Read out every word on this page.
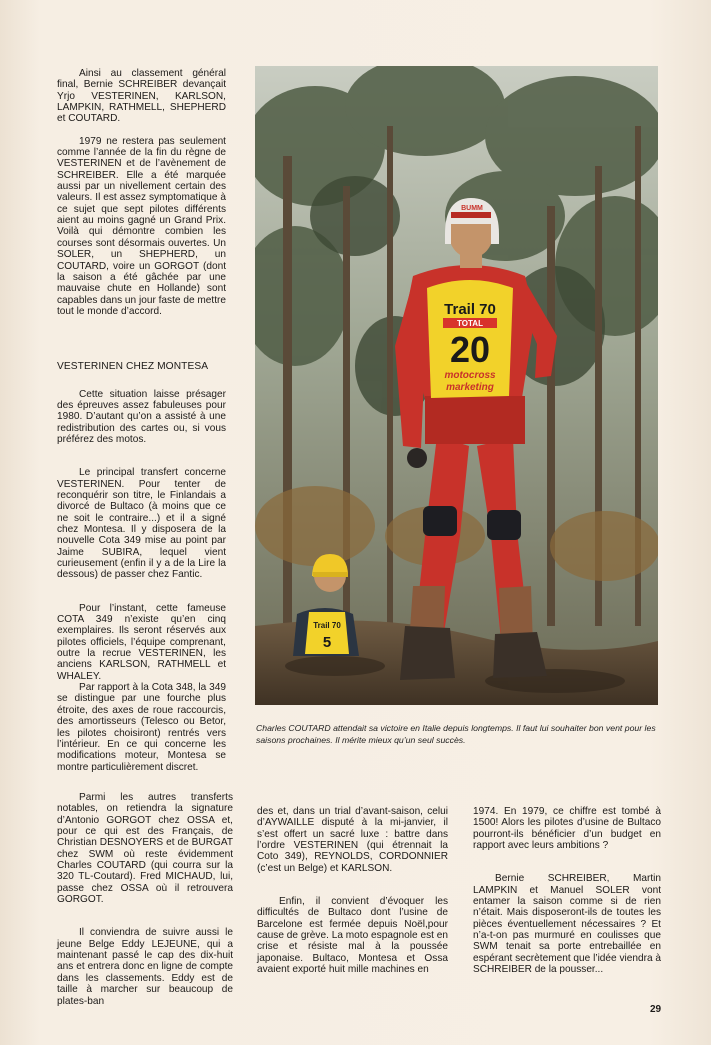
Ainsi au classement général final, Bernie SCHREIBER devançait Yrjo VESTERINEN, KARLSON, LAMPKIN, RATHMELL, SHEPHERD et COUTARD.

1979 ne restera pas seulement comme l’année de la fin du règne de VESTERINEN et de l’avènement de SCHREIBER. Elle a été marquée aussi par un nivellement certain des valeurs. Il est assez symptomatique à ce sujet que sept pilotes différents aient au moins gagné un Grand Prix. Voilà qui démontre combien les courses sont désormais ouvertes. Un SOLER, un SHEPHERD, un COUTARD, voire un GORGOT (dont la saison a été gâchée par une mauvaise chute en Hollande) sont capables dans un jour faste de mettre tout le monde d’accord.

VESTERINEN CHEZ MONTESA

Cette situation laisse présager des épreuves assez fabuleuses pour 1980. D’autant qu’on a assisté à une redistribution des cartes ou, si vous préférez des motos.

Le principal transfert concerne VESTERINEN. Pour tenter de reconquérir son titre, le Finlandais a divorcé de Bultaco (à moins que ce ne soit le contraire...) et il a signé chez Montesa. Il y disposera de la nouvelle Cota 349 mise au point par Jaime SUBIRA, lequel vient curieusement (enfin il y a de la Lire la dessous) de passer chez Fantic.

Pour l’instant, cette fameuse COTA 349 n’existe qu’en cinq exemplaires. Ils seront réservés aux pilotes officiels, l’équipe comprenant, outre la recrue VESTERINEN, les anciens KARLSON, RATHMELL et WHALEY.

Par rapport à la Cota 348, la 349 se distingue par une fourche plus étroite, des axes de roue raccourcis, des amortisseurs (Telesco ou Betor, les pilotes choisiront) rentrés vers l’intérieur. En ce qui concerne les modifications moteur, Montesa se montre particulièrement discret.

Trail 70
5
Trail 70
TOTAL
20
motocross
marketing
BUMM
Charles COUTARD attendait sa victoire en Italie depuis longtemps. Il faut lui souhaiter bon vent pour les saisons prochaines. Il mérite mieux qu’un seul succès.

Parmi les autres transferts notables, on retiendra la signature d’Antonio GORGOT chez OSSA et, pour ce qui est des Français, de Christian DESNOYERS et de BURGAT chez SWM où reste évidemment Charles COUTARD (qui courra sur la 320 TL-Coutard). Fred MICHAUD, lui, passe chez OSSA où il retrouvera GORGOT.

Il conviendra de suivre aussi le jeune Belge Eddy LEJEUNE, qui a maintenant passé le cap des dix-huit ans et entrera donc en ligne de compte dans les classements. Eddy est de taille à marcher sur beaucoup de plates-ban

des et, dans un trial d’avant-saison, celui d’AYWAILLE disputé à la mi-janvier, il s’est offert un sacré luxe : battre dans l’ordre VESTERINEN (qui étrennait la Coto 349), REYNOLDS, CORDONNIER (c’est un Belge) et KARLSON.

Enfin, il convient d’évoquer les difficultés de Bultaco dont l’usine de Barcelone est fermée depuis Noël,pour cause de grève. La moto espagnole est en crise et résiste mal à la poussée japonaise. Bultaco, Montesa et Ossa avaient exporté huit mille machines en

1974. En 1979, ce chiffre est tombé à 1500! Alors les pilotes d’usine de Bultaco pourront-ils bénéficier d’un budget en rapport avec leurs ambitions ?

Bernie SCHREIBER, Martin LAMPKIN et Manuel SOLER vont entamer la saison comme si de rien n’était. Mais disposeront-ils de toutes les pièces éventuellement nécessaires ? Et n’a-t-on pas murmuré en coulisses que SWM tenait sa porte entrebaillée en espérant secrètement que l’idée viendra à SCHREIBER de la pousser...

29
